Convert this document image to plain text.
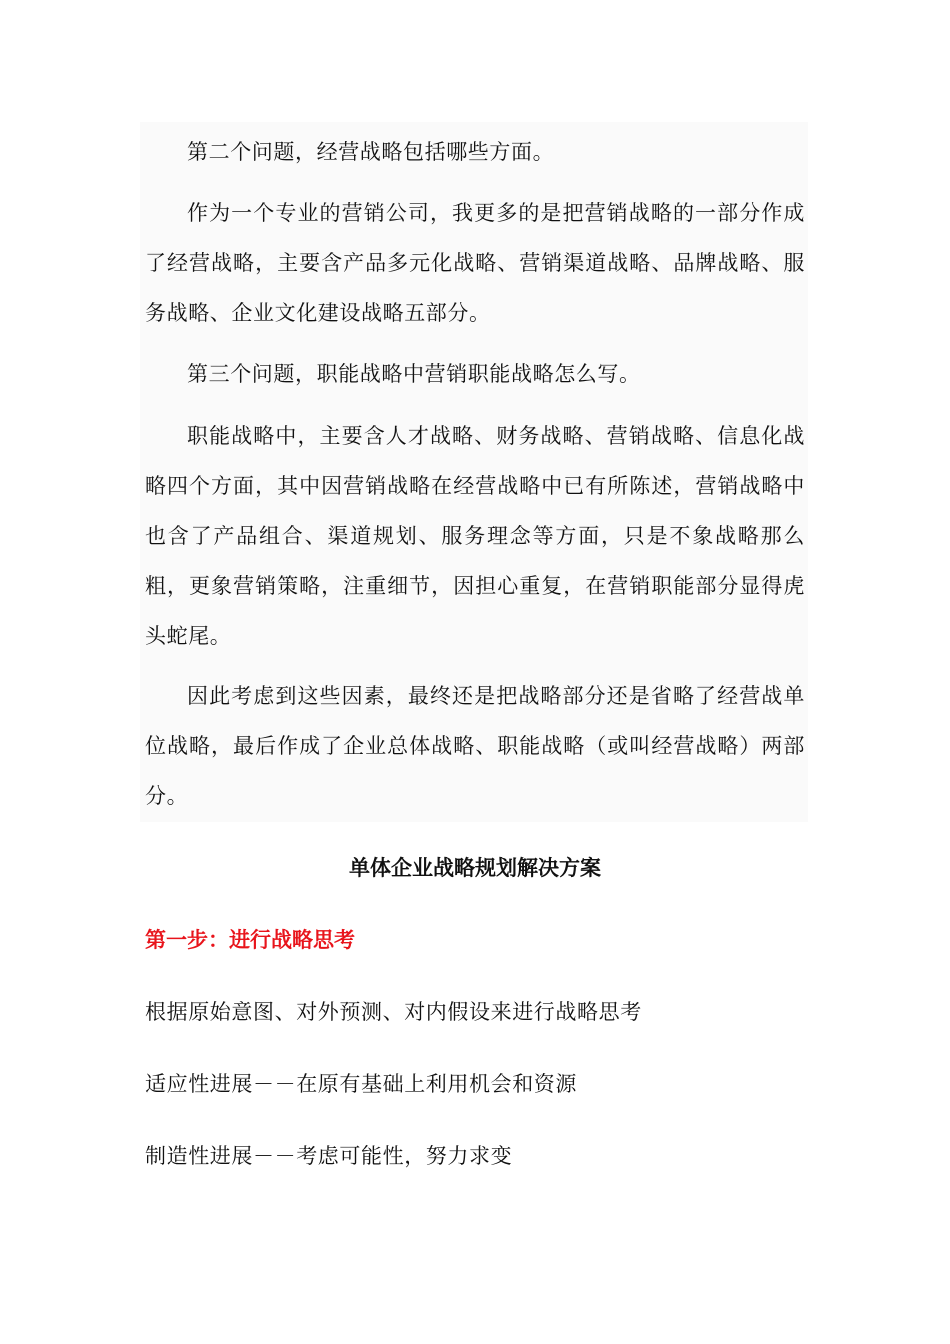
第二个问题，经营战略包括哪些方面。

作为一个专业的营销公司，我更多的是把营销战略的一部分作成了经营战略，主要含产品多元化战略、营销渠道战略、品牌战略、服务战略、企业文化建设战略五部分。

第三个问题，职能战略中营销职能战略怎么写。

职能战略中，主要含人才战略、财务战略、营销战略、信息化战略四个方面，其中因营销战略在经营战略中已有所陈述，营销战略中也含了产品组合、渠道规划、服务理念等方面，只是不象战略那么粗，更象营销策略，注重细节，因担心重复，在营销职能部分显得虎头蛇尾。

因此考虑到这些因素，最终还是把战略部分还是省略了经营战单位战略，最后作成了企业总体战略、职能战略（或叫经营战略）两部分。

单体企业战略规划解决方案
第一步：进行战略思考

根据原始意图、对外预测、对内假设来进行战略思考

适应性进展－－在原有基础上利用机会和资源

制造性进展－－考虑可能性，努力求变
